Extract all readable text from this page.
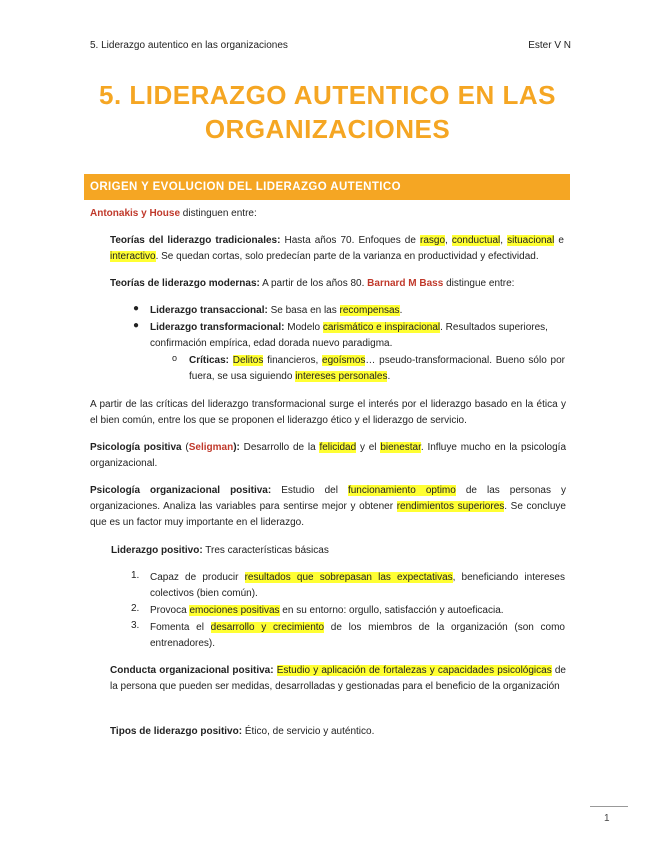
5. Liderazgo autentico en las organizaciones	Ester V N
5. LIDERAZGO AUTENTICO EN LAS
ORGANIZACIONES
ORIGEN Y EVOLUCION DEL LIDERAZGO AUTENTICO
Antonakis y House distinguen entre:
Teorías del liderazgo tradicionales: Hasta años 70. Enfoques de rasgo, conductual, situacional e interactivo. Se quedan cortas, solo predecían parte de la varianza en productividad y efectividad.
Teorías de liderazgo modernas: A partir de los años 80. Barnard M Bass distingue entre:
● Liderazgo transaccional: Se basa en las recompensas.
● Liderazgo transformacional: Modelo carismático e inspiracional. Resultados superiores, confirmación empírica, edad dorada nuevo paradigma.
o Críticas: Delitos financieros, egoísmos… pseudo-transformacional. Bueno sólo por fuera, se usa siguiendo intereses personales.
A partir de las críticas del liderazgo transformacional surge el interés por el liderazgo basado en la ética y el bien común, entre los que se proponen el liderazgo ético y el liderazgo de servicio.
Psicología positiva (Seligman): Desarrollo de la felicidad y el bienestar. Influye mucho en la psicología organizacional.
Psicología organizacional positiva: Estudio del funcionamiento optimo de las personas y organizaciones. Analiza las variables para sentirse mejor y obtener rendimientos superiores. Se concluye que es un factor muy importante en el liderazgo.
Liderazgo positivo: Tres características básicas
1. Capaz de producir resultados que sobrepasan las expectativas, beneficiando intereses colectivos (bien común).
2. Provoca emociones positivas en su entorno: orgullo, satisfacción y autoeficacia.
3. Fomenta el desarrollo y crecimiento de los miembros de la organización (son como entrenadores).
Conducta organizacional positiva: Estudio y aplicación de fortalezas y capacidades psicológicas de la persona que pueden ser medidas, desarrolladas y gestionadas para el beneficio de la organización
Tipos de liderazgo positivo: Ético, de servicio y auténtico.
1
